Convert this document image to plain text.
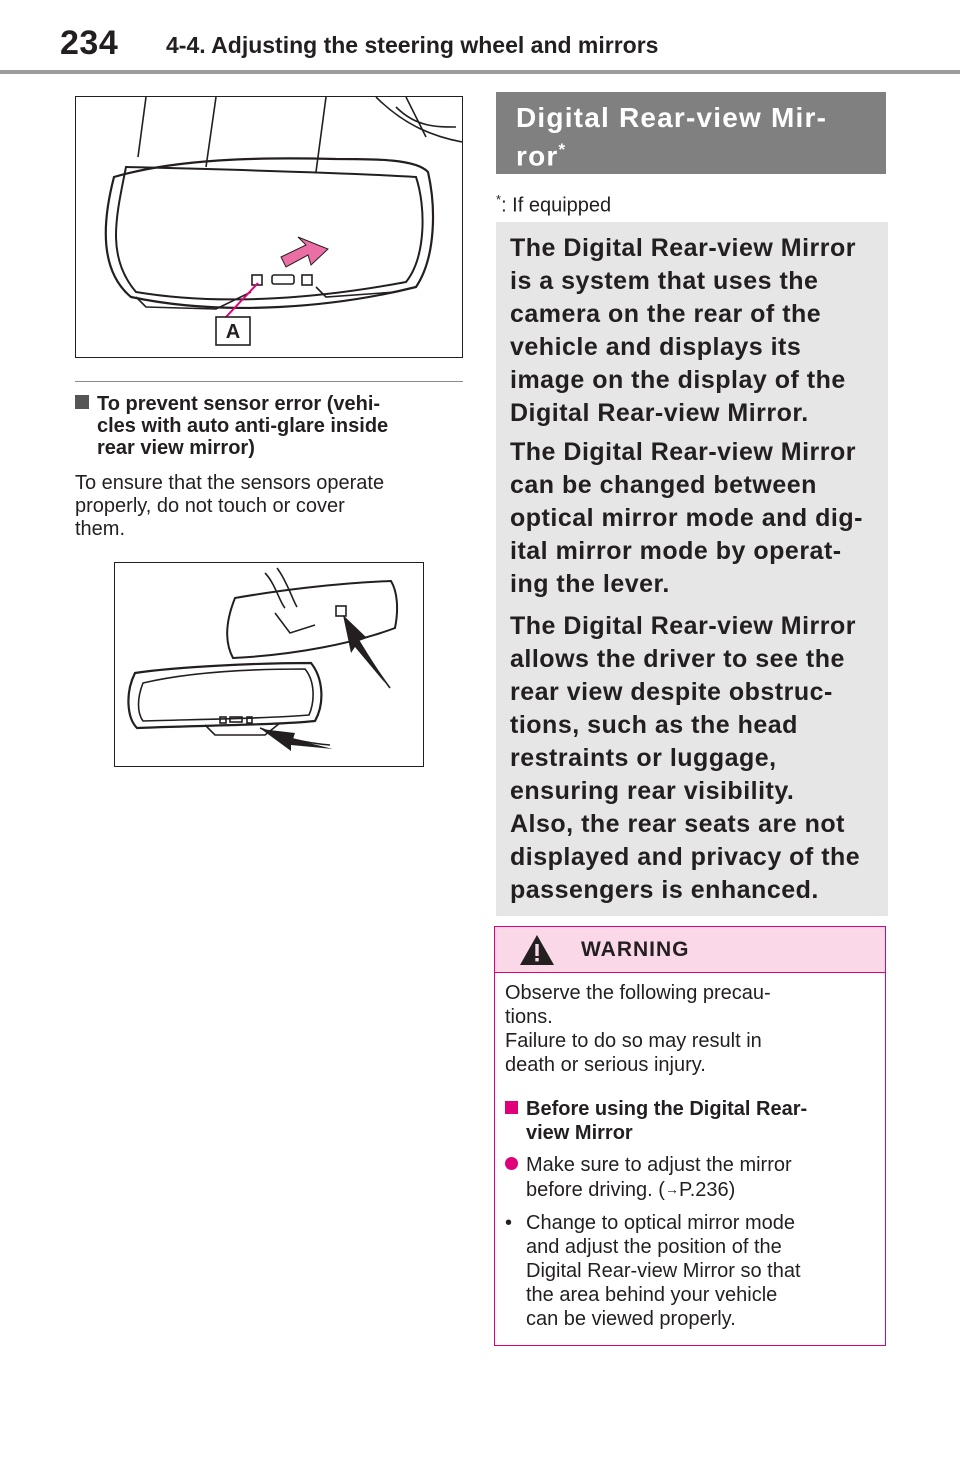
234 4-4. Adjusting the steering wheel and mirrors
A
To prevent sensor error (vehi-
cles with auto anti-glare inside
rear view mirror)
To ensure that the sensors operate
properly, do not touch or cover
them.
Digital Rear-view Mir-
ror*
*: If equipped
The Digital Rear-view Mirror
is a system that uses the
camera on the rear of the
vehicle and displays its
image on the display of the
Digital Rear-view Mirror.
The Digital Rear-view Mirror
can be changed between
optical mirror mode and dig-
ital mirror mode by operat-
ing the lever.
The Digital Rear-view Mirror
allows the driver to see the
rear view despite obstruc-
tions, such as the head
restraints or luggage,
ensuring rear visibility.
Also, the rear seats are not
displayed and privacy of the
passengers is enhanced.
WARNING
Observe the following precau-
tions.
Failure to do so may result in
death or serious injury.
Before using the Digital Rear-
view Mirror
Make sure to adjust the mirror
before driving. (→P.236)
• Change to optical mirror mode
and adjust the position of the
Digital Rear-view Mirror so that
the area behind your vehicle
can be viewed properly.
